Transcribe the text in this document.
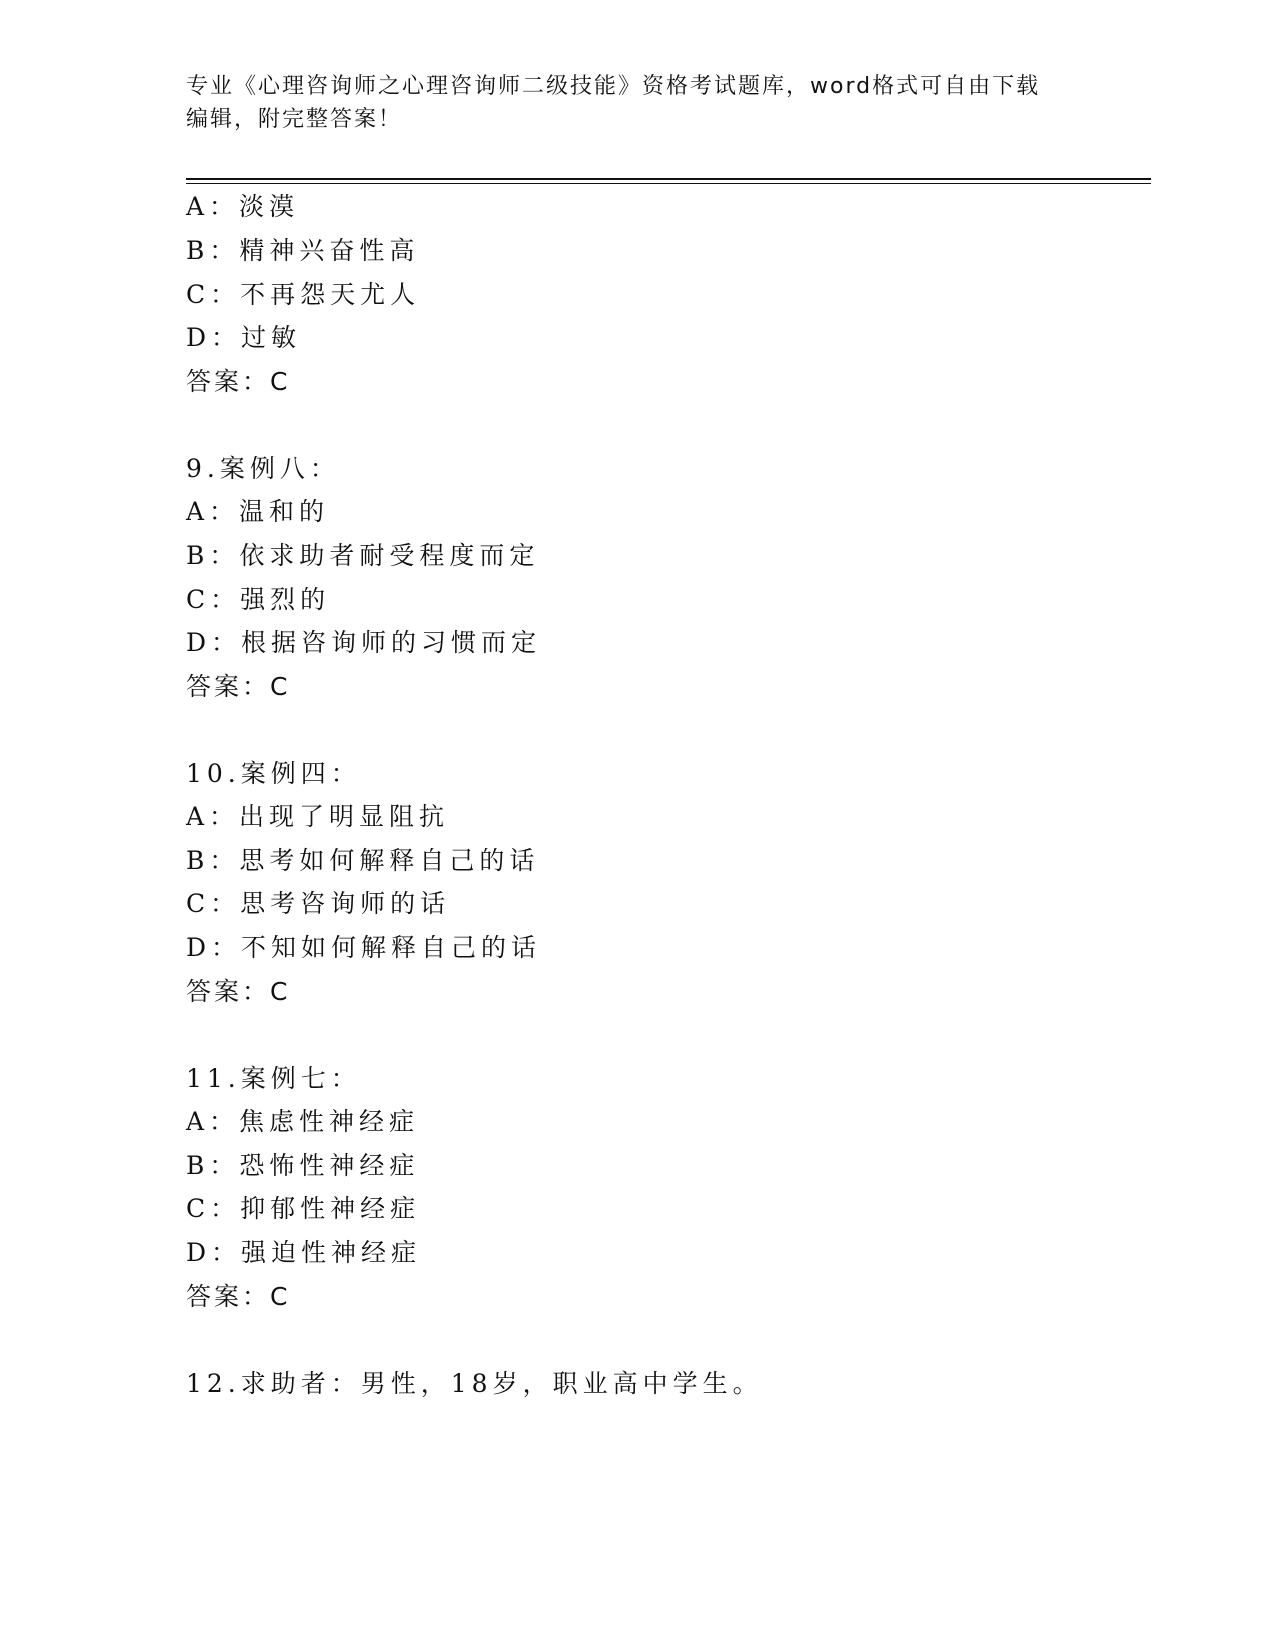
专业《心理咨询师之心理咨询师二级技能》资格考试题库，word格式可自由下载
编辑，附完整答案！
A：淡漠
B：精神兴奋性高
C：不再怨天尤人
D：过敏
答案：C
9.案例八：
A：温和的
B：依求助者耐受程度而定
C：强烈的
D：根据咨询师的习惯而定
答案：C
10.案例四：
A：出现了明显阻抗
B：思考如何解释自己的话
C：思考咨询师的话
D：不知如何解释自己的话
答案：C
11.案例七：
A：焦虑性神经症
B：恐怖性神经症
C：抑郁性神经症
D：强迫性神经症
答案：C
12.求助者：男性，18岁，职业高中学生。
